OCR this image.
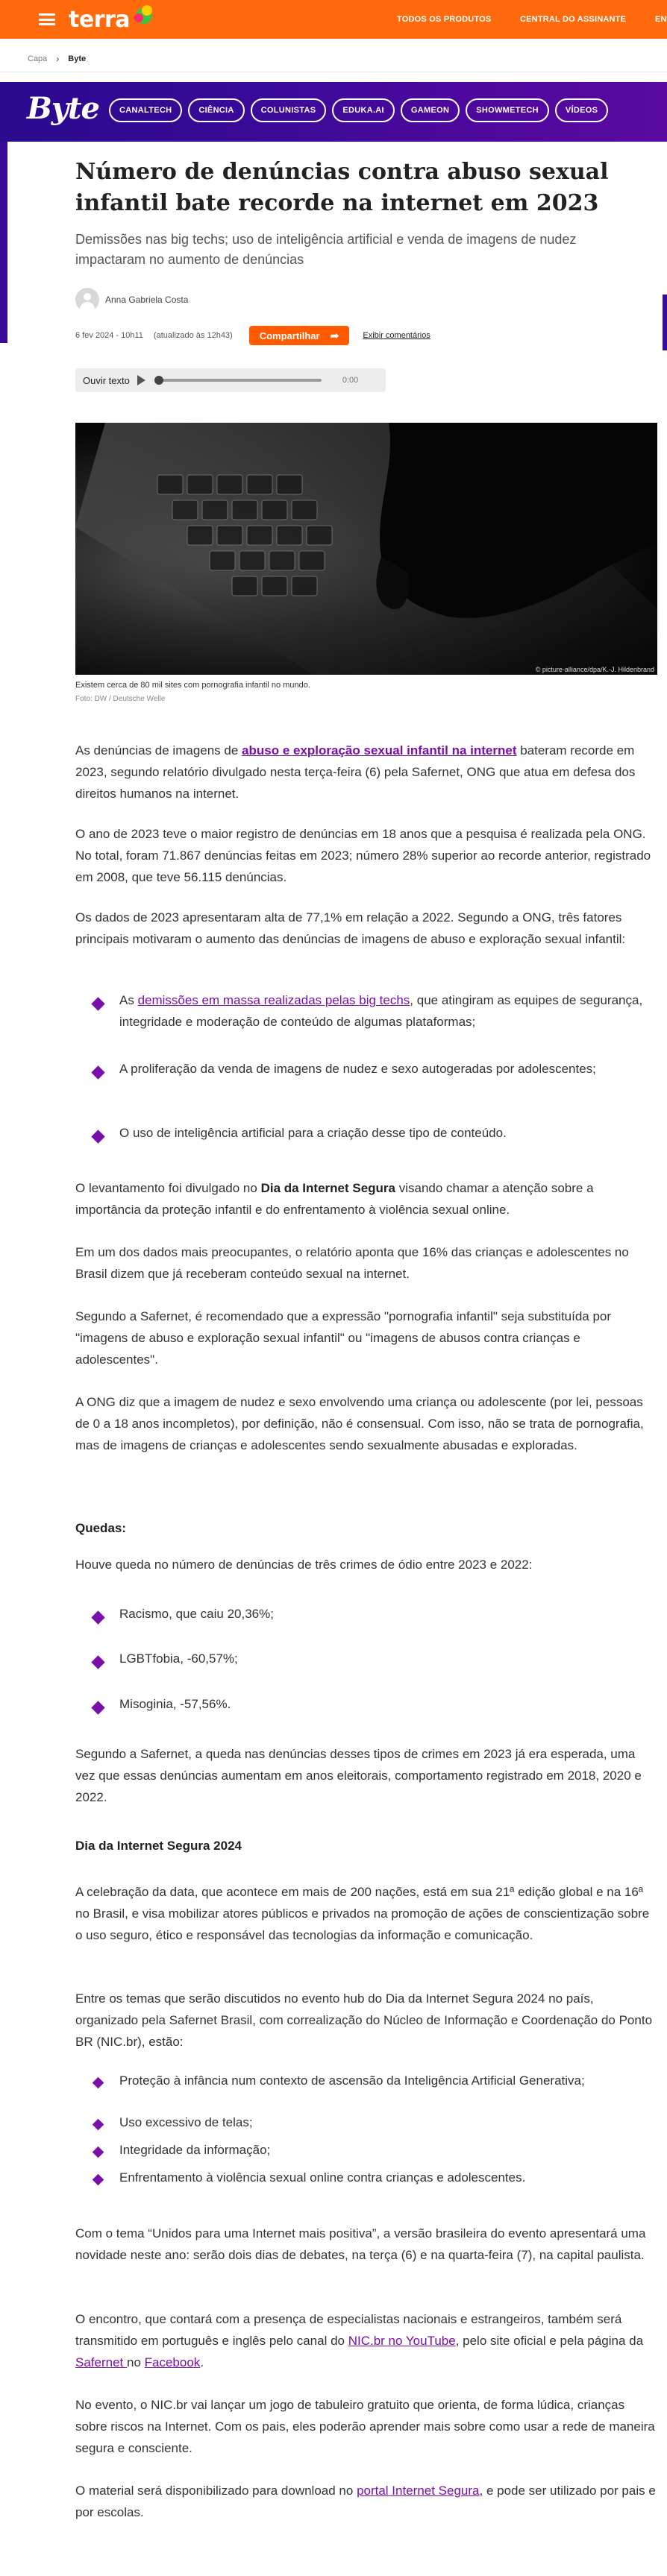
terra	TODOS OS PRODUTOS	CENTRAL DO ASSINANTE	EN
Capa › Byte
Byte	CANALTECH	CIÊNCIA	COLUNISTAS	EDUKA.AI	GAMEON	SHOWMETECH	VÍDEOS
Número de denúncias contra abuso sexual infantil bate recorde na internet em 2023

Demissões nas big techs; uso de inteligência artificial e venda de imagens de nudez impactaram no aumento de denúncias

Anna Gabriela Costa
6 fev 2024 - 10h11 (atualizado às 12h43)	Compartilhar ➦	Exibir comentários
Ouvir texto	0:00
© picture-alliance/dpa/K.-J. Hildenbrand
Existem cerca de 80 mil sites com pornografia infantil no mundo.
Foto: DW / Deutsche Welle

As denúncias de imagens de abuso e exploração sexual infantil na internet bateram recorde em 2023, segundo relatório divulgado nesta terça-feira (6) pela Safernet, ONG que atua em defesa dos direitos humanos na internet.

O ano de 2023 teve o maior registro de denúncias em 18 anos que a pesquisa é realizada pela ONG. No total, foram 71.867 denúncias feitas em 2023; número 28% superior ao recorde anterior, registrado em 2008, que teve 56.115 denúncias.

Os dados de 2023 apresentaram alta de 77,1% em relação a 2022. Segundo a ONG, três fatores principais motivaram o aumento das denúncias de imagens de abuso e exploração sexual infantil:

As demissões em massa realizadas pelas big techs, que atingiram as equipes de segurança, integridade e moderação de conteúdo de algumas plataformas;

A proliferação da venda de imagens de nudez e sexo autogeradas por adolescentes;

O uso de inteligência artificial para a criação desse tipo de conteúdo.

O levantamento foi divulgado no Dia da Internet Segura visando chamar a atenção sobre a importância da proteção infantil e do enfrentamento à violência sexual online.

Em um dos dados mais preocupantes, o relatório aponta que 16% das crianças e adolescentes no Brasil dizem que já receberam conteúdo sexual na internet.

Segundo a Safernet, é recomendado que a expressão "pornografia infantil" seja substituída por "imagens de abuso e exploração sexual infantil" ou "imagens de abusos contra crianças e adolescentes".

A ONG diz que a imagem de nudez e sexo envolvendo uma criança ou adolescente (por lei, pessoas de 0 a 18 anos incompletos), por definição, não é consensual. Com isso, não se trata de pornografia, mas de imagens de crianças e adolescentes sendo sexualmente abusadas e exploradas.

Quedas:

Houve queda no número de denúncias de três crimes de ódio entre 2023 e 2022:

Racismo, que caiu 20,36%;

LGBTfobia, -60,57%;

Misoginia, -57,56%.

Segundo a Safernet, a queda nas denúncias desses tipos de crimes em 2023 já era esperada, uma vez que essas denúncias aumentam em anos eleitorais, comportamento registrado em 2018, 2020 e 2022.

Dia da Internet Segura 2024

A celebração da data, que acontece em mais de 200 nações, está em sua 21ª edição global e na 16ª no Brasil, e visa mobilizar atores públicos e privados na promoção de ações de conscientização sobre o uso seguro, ético e responsável das tecnologias da informação e comunicação.

Entre os temas que serão discutidos no evento hub do Dia da Internet Segura 2024 no país, organizado pela Safernet Brasil, com correalização do Núcleo de Informação e Coordenação do Ponto BR (NIC.br), estão:

Proteção à infância num contexto de ascensão da Inteligência Artificial Generativa;

Uso excessivo de telas;

Integridade da informação;

Enfrentamento à violência sexual online contra crianças e adolescentes.

Com o tema “Unidos para uma Internet mais positiva”, a versão brasileira do evento apresentará uma novidade neste ano: serão dois dias de debates, na terça (6) e na quarta-feira (7), na capital paulista.

O encontro, que contará com a presença de especialistas nacionais e estrangeiros, também será transmitido em português e inglês pelo canal do NIC.br no YouTube, pelo site oficial e pela página da Safernet no Facebook.

No evento, o NIC.br vai lançar um jogo de tabuleiro gratuito que orienta, de forma lúdica, crianças sobre riscos na Internet. Com os pais, eles poderão aprender mais sobre como usar a rede de maneira segura e consciente.

O material será disponibilizado para download no portal Internet Segura, e pode ser utilizado por pais e por escolas.
